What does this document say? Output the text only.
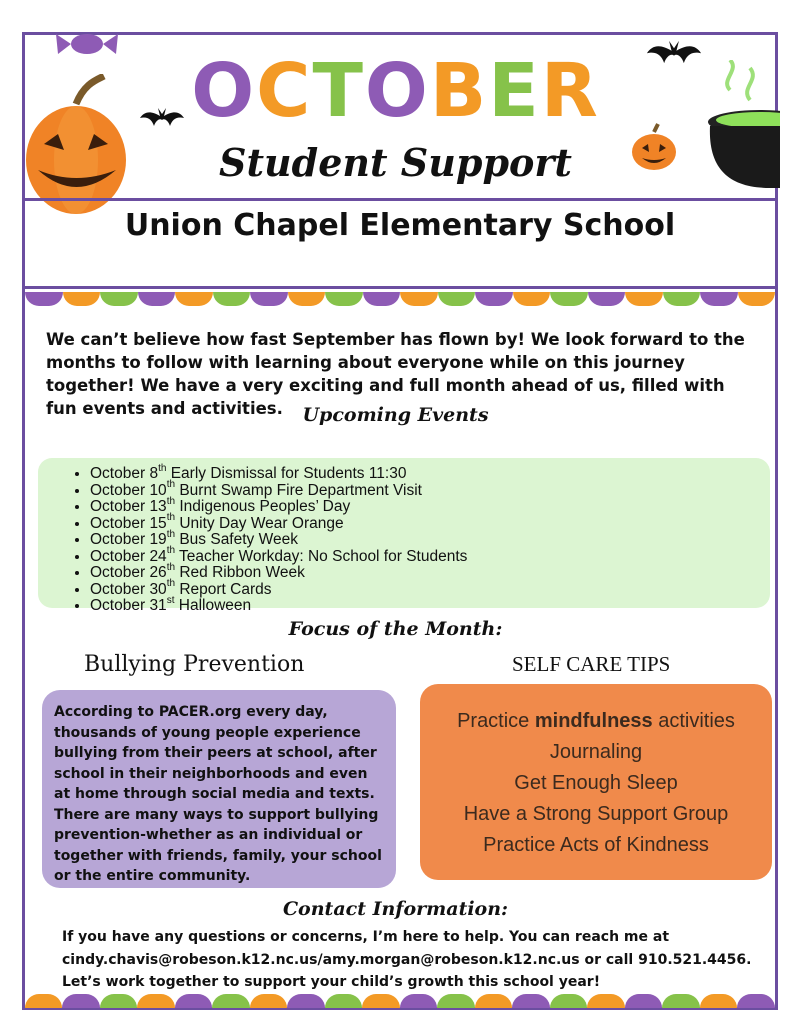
OCTOBER
Student Support
Union Chapel Elementary School
We can’t believe how fast September has flown by! We look forward to the months to follow with learning about everyone while on this journey together! We have a very exciting and full month ahead of us, filled with fun events and activities.	Upcoming Events
• October 8th Early Dismissal for Students 11:30
• October 10th Burnt Swamp Fire Department Visit
• October 13th Indigenous Peoples’ Day
• October 15th Unity Day Wear Orange
• October 19th Bus Safety Week
• October 24th Teacher Workday: No School for Students
• October 26th Red Ribbon Week
• October 30th Report Cards
• October 31st Halloween
Focus of the Month:
Bullying Prevention	SELF CARE TIPS

According to PACER.org every day, thousands of young people experience bullying from their peers at school, after school in their neighborhoods and even at home through social media and texts. There are many ways to support bullying prevention-whether as an individual or together with friends, family, your school or the entire community.

Practice mindfulness activities
Journaling
Get Enough Sleep
Have a Strong Support Group
Practice Acts of Kindness
Contact Information:
If you have any questions or concerns, I’m here to help. You can reach me at cindy.chavis@robeson.k12.nc.us/amy.morgan@robeson.k12.nc.us or call 910.521.4456. Let’s work together to support your child’s growth this school year!
